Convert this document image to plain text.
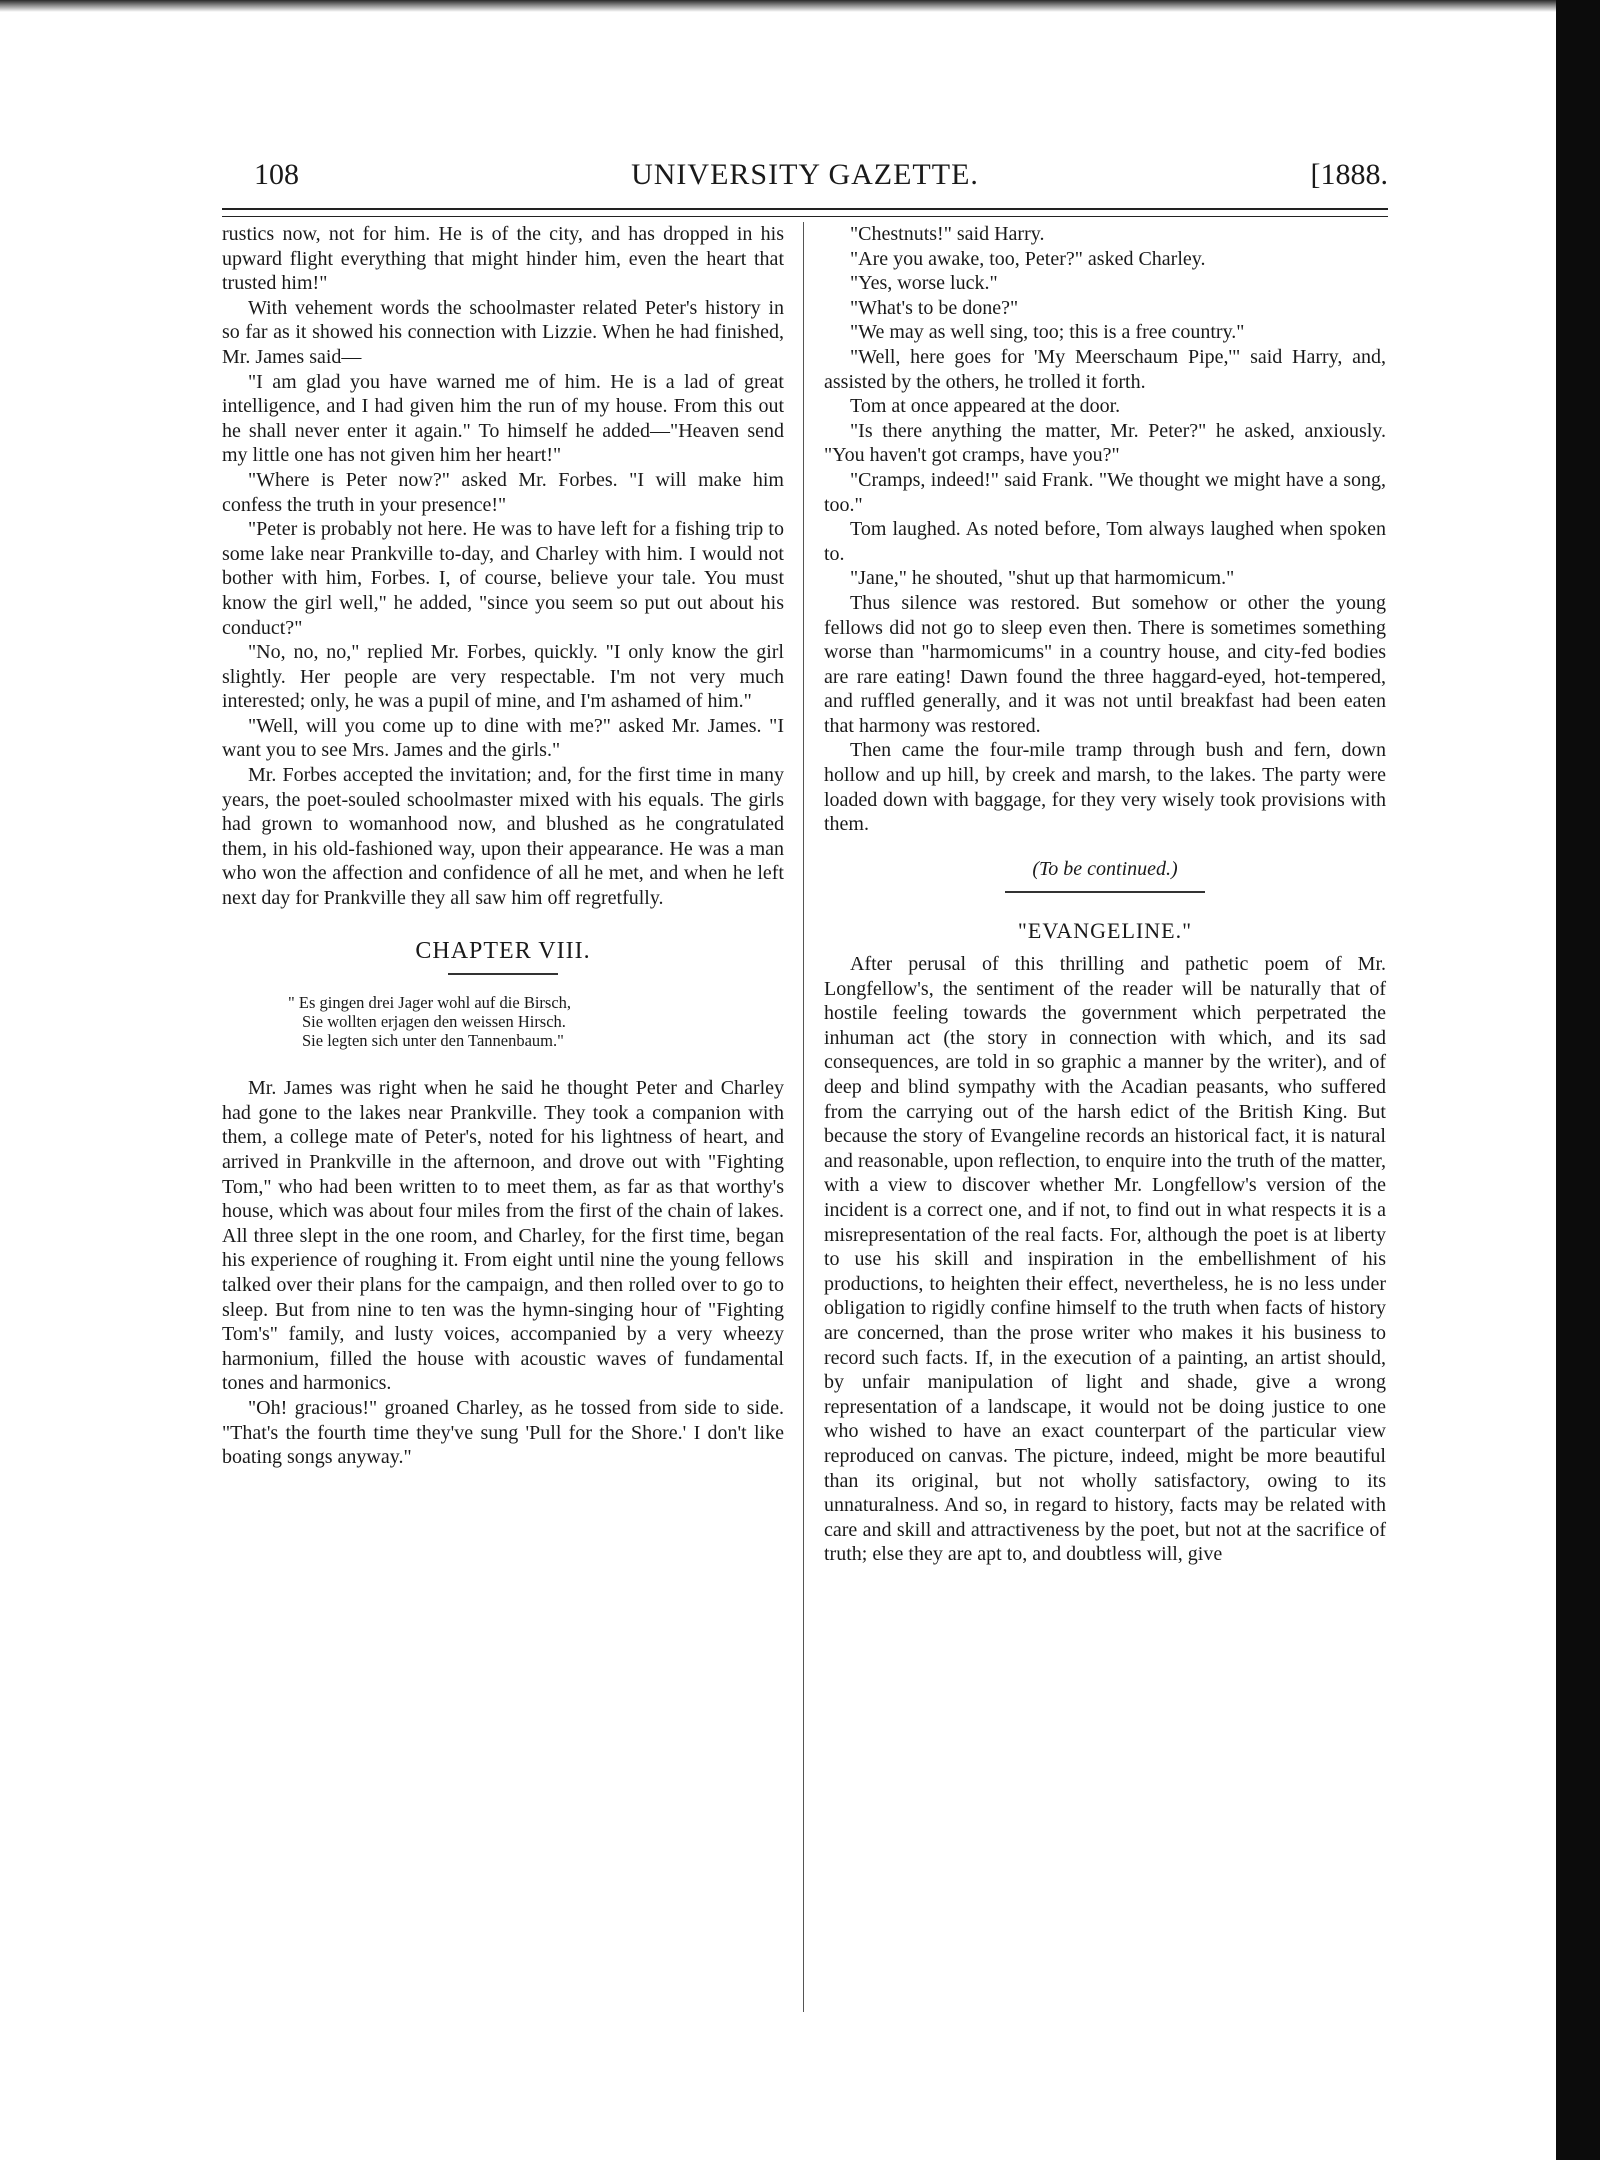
108	UNIVERSITY GAZETTE.	[1888.

rustics now, not for him. He is of the city, and has dropped in his upward flight everything that might hinder him, even the heart that trusted him!"

With vehement words the schoolmaster related Peter's history in so far as it showed his connection with Lizzie. When he had finished, Mr. James said—

"I am glad you have warned me of him. He is a lad of great intelligence, and I had given him the run of my house. From this out he shall never enter it again." To himself he added—"Heaven send my little one has not given him her heart!"

"Where is Peter now?" asked Mr. Forbes. "I will make him confess the truth in your presence!"

"Peter is probably not here. He was to have left for a fishing trip to some lake near Prankville to-day, and Charley with him. I would not bother with him, Forbes. I, of course, believe your tale. You must know the girl well," he added, "since you seem so put out about his conduct?"

"No, no, no," replied Mr. Forbes, quickly. "I only know the girl slightly. Her people are very respectable. I'm not very much interested; only, he was a pupil of mine, and I'm ashamed of him."

"Well, will you come up to dine with me?" asked Mr. James. "I want you to see Mrs. James and the girls."

Mr. Forbes accepted the invitation; and, for the first time in many years, the poet-souled schoolmaster mixed with his equals. The girls had grown to womanhood now, and blushed as he congratulated them, in his old-fashioned way, upon their appearance. He was a man who won the affection and confidence of all he met, and when he left next day for Prankville they all saw him off regretfully.

CHAPTER VIII.
" Es gingen drei Jager wohl auf die Birsch,
Sie wollten erjagen den weissen Hirsch.
Sie legten sich unter den Tannenbaum."

Mr. James was right when he said he thought Peter and Charley had gone to the lakes near Prankville. They took a companion with them, a college mate of Peter's, noted for his lightness of heart, and arrived in Prankville in the afternoon, and drove out with "Fighting Tom," who had been written to to meet them, as far as that worthy's house, which was about four miles from the first of the chain of lakes. All three slept in the one room, and Charley, for the first time, began his experience of roughing it. From eight until nine the young fellows talked over their plans for the campaign, and then rolled over to go to sleep. But from nine to ten was the hymn-singing hour of "Fighting Tom's" family, and lusty voices, accompanied by a very wheezy harmonium, filled the house with acoustic waves of fundamental tones and harmonics.

"Oh! gracious!" groaned Charley, as he tossed from side to side. "That's the fourth time they've sung 'Pull for the Shore.' I don't like boating songs anyway."

"Chestnuts!" said Harry.

"Are you awake, too, Peter?" asked Charley.

"Yes, worse luck."

"What's to be done?"

"We may as well sing, too; this is a free country."

"Well, here goes for 'My Meerschaum Pipe,'" said Harry, and, assisted by the others, he trolled it forth.

Tom at once appeared at the door.

"Is there anything the matter, Mr. Peter?" he asked, anxiously. "You haven't got cramps, have you?"

"Cramps, indeed!" said Frank. "We thought we might have a song, too."

Tom laughed. As noted before, Tom always laughed when spoken to.

"Jane," he shouted, "shut up that harmomicum."

Thus silence was restored. But somehow or other the young fellows did not go to sleep even then. There is sometimes something worse than "harmomicums" in a country house, and city-fed bodies are rare eating! Dawn found the three haggard-eyed, hot-tempered, and ruffled generally, and it was not until breakfast had been eaten that harmony was restored.

Then came the four-mile tramp through bush and fern, down hollow and up hill, by creek and marsh, to the lakes. The party were loaded down with baggage, for they very wisely took provisions with them.

(To be continued.)
"EVANGELINE."

After perusal of this thrilling and pathetic poem of Mr. Longfellow's, the sentiment of the reader will be naturally that of hostile feeling towards the government which perpetrated the inhuman act (the story in connection with which, and its sad consequences, are told in so graphic a manner by the writer), and of deep and blind sympathy with the Acadian peasants, who suffered from the carrying out of the harsh edict of the British King. But because the story of Evangeline records an historical fact, it is natural and reasonable, upon reflection, to enquire into the truth of the matter, with a view to discover whether Mr. Longfellow's version of the incident is a correct one, and if not, to find out in what respects it is a misrepresentation of the real facts. For, although the poet is at liberty to use his skill and inspiration in the embellishment of his productions, to heighten their effect, nevertheless, he is no less under obligation to rigidly confine himself to the truth when facts of history are concerned, than the prose writer who makes it his business to record such facts. If, in the execution of a painting, an artist should, by unfair manipulation of light and shade, give a wrong representation of a landscape, it would not be doing justice to one who wished to have an exact counterpart of the particular view reproduced on canvas. The picture, indeed, might be more beautiful than its original, but not wholly satisfactory, owing to its unnaturalness. And so, in regard to history, facts may be related with care and skill and attractiveness by the poet, but not at the sacrifice of truth; else they are apt to, and doubtless will, give
